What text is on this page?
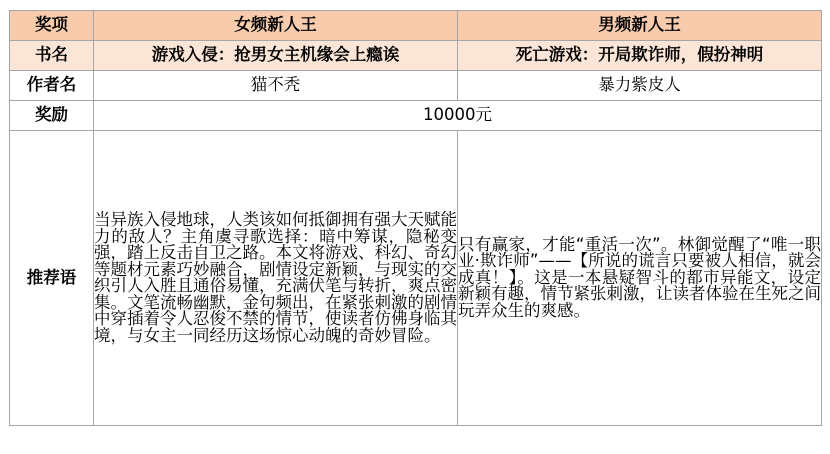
奖项	女频新人王	男频新人王
书名	游戏入侵：抢男女主机缘会上瘾诶	死亡游戏：开局欺诈师，假扮神明
作者名	猫不秃	暴力紫皮人
奖励	10000元	
推荐语	当异族入侵地球，人类该如何抵御拥有强大天赋能力的敌人？主角虞寻歌选择：暗中筹谋，隐秘变强，踏上反击自卫之路。本文将游戏、科幻、奇幻等题材元素巧妙融合，剧情设定新颖，与现实的交织引人入胜且通俗易懂，充满伏笔与转折，爽点密集。文笔流畅幽默，金句频出，在紧张刺激的剧情中穿插着令人忍俊不禁的情节，使读者仿佛身临其境，与女主一同经历这场惊心动魄的奇妙冒险。	只有赢家，才能“重活一次”。林御觉醒了“唯一职业·欺诈师”——【所说的谎言只要被人相信，就会成真！】。这是一本悬疑智斗的都市异能文，设定新颖有趣，情节紧张刺激，让读者体验在生死之间玩弄众生的爽感。
